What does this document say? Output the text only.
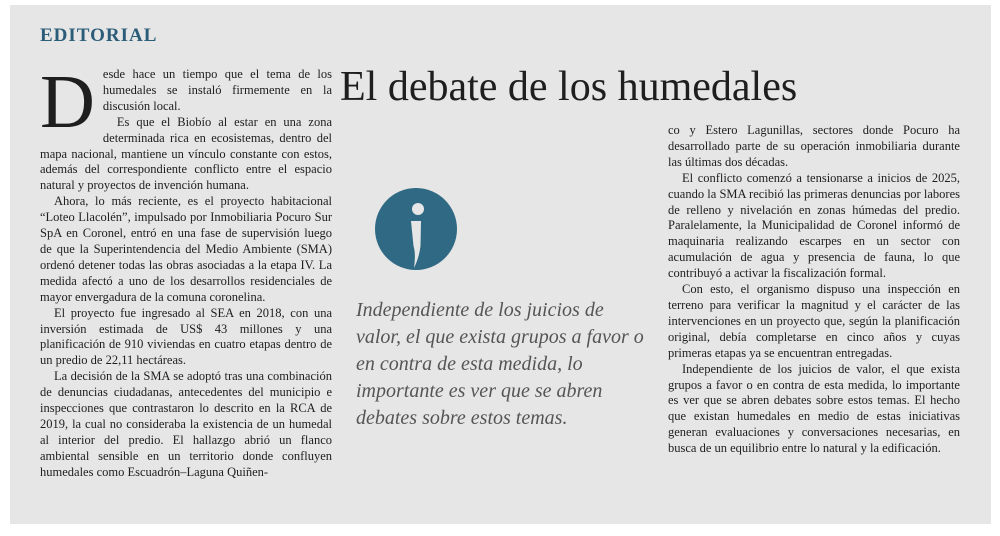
EDITORIAL
El debate de los humedales

Desde hace un tiempo que el tema de los humedales se instaló firmemente en la discusión local.

Es que el Biobío al estar en una zona determinada rica en ecosistemas, dentro del mapa nacional, mantiene un vínculo constante con estos, además del correspondiente conflicto entre el espacio natural y proyectos de invención humana.

Ahora, lo más reciente, es el proyecto habitacional “Loteo Llacolén”, impulsado por Inmobiliaria Pocuro Sur SpA en Coronel, entró en una fase de supervisión luego de que la Superintendencia del Medio Ambiente (SMA) ordenó detener todas las obras asociadas a la etapa IV. La medida afectó a uno de los desarrollos residenciales de mayor envergadura de la comuna coronelina.

El proyecto fue ingresado al SEA en 2018, con una inversión estimada de US$ 43 millones y una planificación de 910 viviendas en cuatro etapas dentro de un predio de 22,11 hectáreas.

La decisión de la SMA se adoptó tras una combinación de denuncias ciudadanas, antecedentes del municipio e inspecciones que contrastaron lo descrito en la RCA de 2019, la cual no consideraba la existencia de un humedal al interior del predio. El hallazgo abrió un flanco ambiental sensible en un territorio donde confluyen humedales como Escuadrón–Laguna Quiñen-

Independiente de los juicios de valor, el que exista grupos a favor o en contra de esta medida, lo importante es ver que se abren debates sobre estos temas.

co y Estero Lagunillas, sectores donde Pocuro ha desarrollado parte de su operación inmobiliaria durante las últimas dos décadas.

El conflicto comenzó a tensionarse a inicios de 2025, cuando la SMA recibió las primeras denuncias por labores de relleno y nivelación en zonas húmedas del predio. Paralelamente, la Municipalidad de Coronel informó de maquinaria realizando escarpes en un sector con acumulación de agua y presencia de fauna, lo que contribuyó a activar la fiscalización formal.

Con esto, el organismo dispuso una inspección en terreno para verificar la magnitud y el carácter de las intervenciones en un proyecto que, según la planificación original, debía completarse en cinco años y cuyas primeras etapas ya se encuentran entregadas.

Independiente de los juicios de valor, el que exista grupos a favor o en contra de esta medida, lo importante es ver que se abren debates sobre estos temas. El hecho que existan humedales en medio de estas iniciativas generan evaluaciones y conversaciones necesarias, en busca de un equilibrio entre lo natural y la edificación.
